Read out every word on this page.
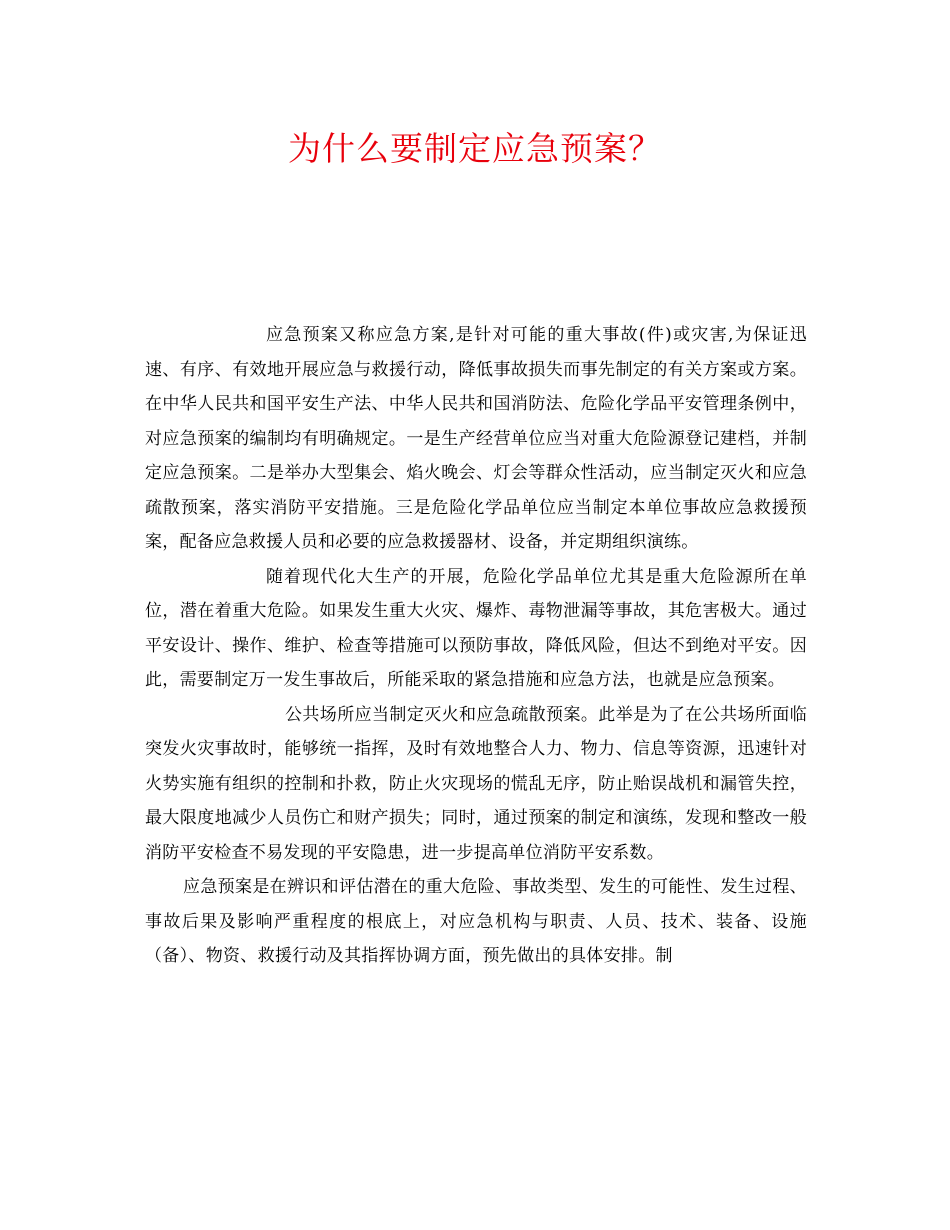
为什么要制定应急预案？

应急预案又称应急方案,是针对可能的重大事故(件)或灾害,为保证迅速、有序、有效地开展应急与救援行动，降低事故损失而事先制定的有关方案或方案。在中华人民共和国平安生产法、中华人民共和国消防法、危险化学品平安管理条例中，对应急预案的编制均有明确规定。一是生产经营单位应当对重大危险源登记建档，并制定应急预案。二是举办大型集会、焰火晚会、灯会等群众性活动，应当制定灭火和应急疏散预案，落实消防平安措施。三是危险化学品单位应当制定本单位事故应急救援预案，配备应急救援人员和必要的应急救援器材、设备，并定期组织演练。

随着现代化大生产的开展，危险化学品单位尤其是重大危险源所在单位，潜在着重大危险。如果发生重大火灾、爆炸、毒物泄漏等事故，其危害极大。通过平安设计、操作、维护、检查等措施可以预防事故，降低风险，但达不到绝对平安。因此，需要制定万一发生事故后，所能采取的紧急措施和应急方法，也就是应急预案。

公共场所应当制定灭火和应急疏散预案。此举是为了在公共场所面临突发火灾事故时，能够统一指挥，及时有效地整合人力、物力、信息等资源，迅速针对火势实施有组织的控制和扑救，防止火灾现场的慌乱无序，防止贻误战机和漏管失控，最大限度地减少人员伤亡和财产损失；同时，通过预案的制定和演练，发现和整改一般消防平安检查不易发现的平安隐患，进一步提高单位消防平安系数。

应急预案是在辨识和评估潜在的重大危险、事故类型、发生的可能性、发生过程、事故后果及影响严重程度的根底上，对应急机构与职责、人员、技术、装备、设施（备）、物资、救援行动及其指挥协调方面，预先做出的具体安排。制
